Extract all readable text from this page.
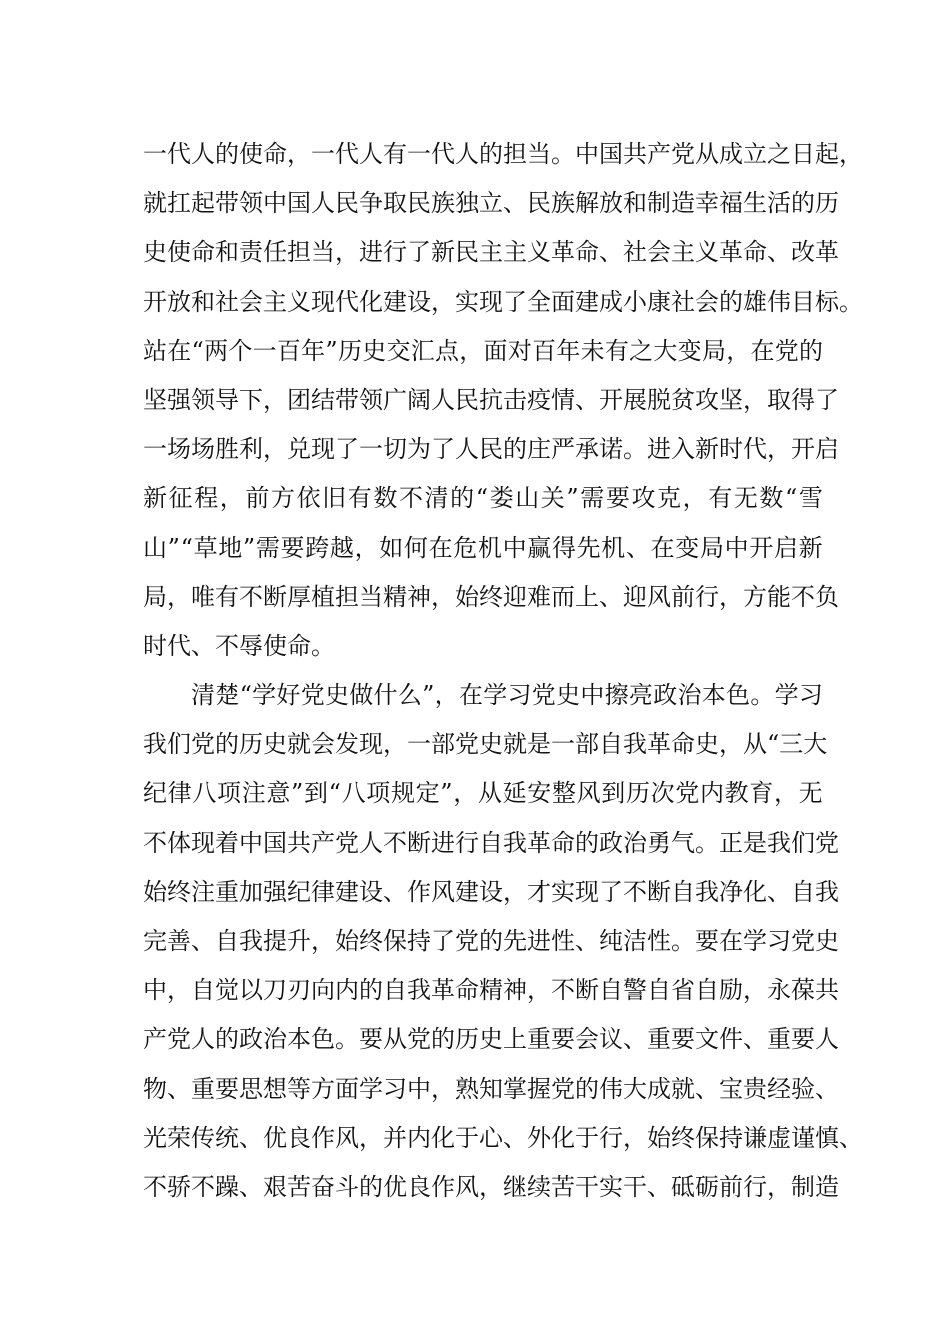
一 代 人 的 使 命 ， 一 代 人 有 一 代 人 的 担 当 。 中 国 共 产 党 从 成 立 之 日 起 ，
就 扛 起 带 领 中 国 人 民 争 取 民 族 独 立 、 民 族 解 放 和 制 造 幸 福 生 活 的 历
史 使 命 和 责 任 担 当 ， 进 行 了 新 民 主 主 义 革 命 、 社 会 主 义 革 命 、 改 革
开 放 和 社 会 主 义 现 代 化 建 设 ， 实 现 了 全 面 建 成 小 康 社 会 的 雄 伟 目 标 。
站 在 “ 两 个 一 百 年 ” 历 史 交 汇 点 ， 面 对 百 年 未 有 之 大 变 局 ， 在 党 的
坚 强 领 导 下 ， 团 结 带 领 广 阔 人 民 抗 击 疫 情 、 开 展 脱 贫 攻 坚 ， 取 得 了
一 场 场 胜 利 ， 兑 现 了 一 切 为 了 人 民 的 庄 严 承 诺 。 进 入 新 时 代 ， 开 启
新 征 程 ， 前 方 依 旧 有 数 不 清 的 “ 娄 山 关 ” 需 要 攻 克 ， 有 无 数 “ 雪
山 ” “ 草 地 ” 需 要 跨 越 ， 如 何 在 危 机 中 赢 得 先 机 、 在 变 局 中 开 启 新
局 ， 唯 有 不 断 厚 植 担 当 精 神 ， 始 终 迎 难 而 上 、 迎 风 前 行 ， 方 能 不 负
时 代 、 不 辱 使 命 。
清 楚 “ 学 好 党 史 做 什 么 ” ， 在 学 习 党 史 中 擦 亮 政 治 本 色 。 学 习
我 们 党 的 历 史 就 会 发 现 ， 一 部 党 史 就 是 一 部 自 我 革 命 史 ， 从 “ 三 大
纪 律 八 项 注 意 ” 到 “ 八 项 规 定 ” ， 从 延 安 整 风 到 历 次 党 内 教 育 ， 无
不 体 现 着 中 国 共 产 党 人 不 断 进 行 自 我 革 命 的 政 治 勇 气 。 正 是 我 们 党
始 终 注 重 加 强 纪 律 建 设 、 作 风 建 设 ， 才 实 现 了 不 断 自 我 净 化 、 自 我
完 善 、 自 我 提 升 ， 始 终 保 持 了 党 的 先 进 性 、 纯 洁 性 。 要 在 学 习 党 史
中 ， 自 觉 以 刀 刃 向 内 的 自 我 革 命 精 神 ， 不 断 自 警 自 省 自 励 ， 永 葆 共
产 党 人 的 政 治 本 色 。 要 从 党 的 历 史 上 重 要 会 议 、 重 要 文 件 、 重 要 人
物 、 重 要 思 想 等 方 面 学 习 中 ， 熟 知 掌 握 党 的 伟 大 成 就 、 宝 贵 经 验 、
光 荣 传 统 、 优 良 作 风 ， 并 内 化 于 心 、 外 化 于 行 ， 始 终 保 持 谦 虚 谨 慎 、
不 骄 不 躁 、 艰 苦 奋 斗 的 优 良 作 风 ， 继 续 苦 干 实 干 、 砥 砺 前 行 ， 制 造
